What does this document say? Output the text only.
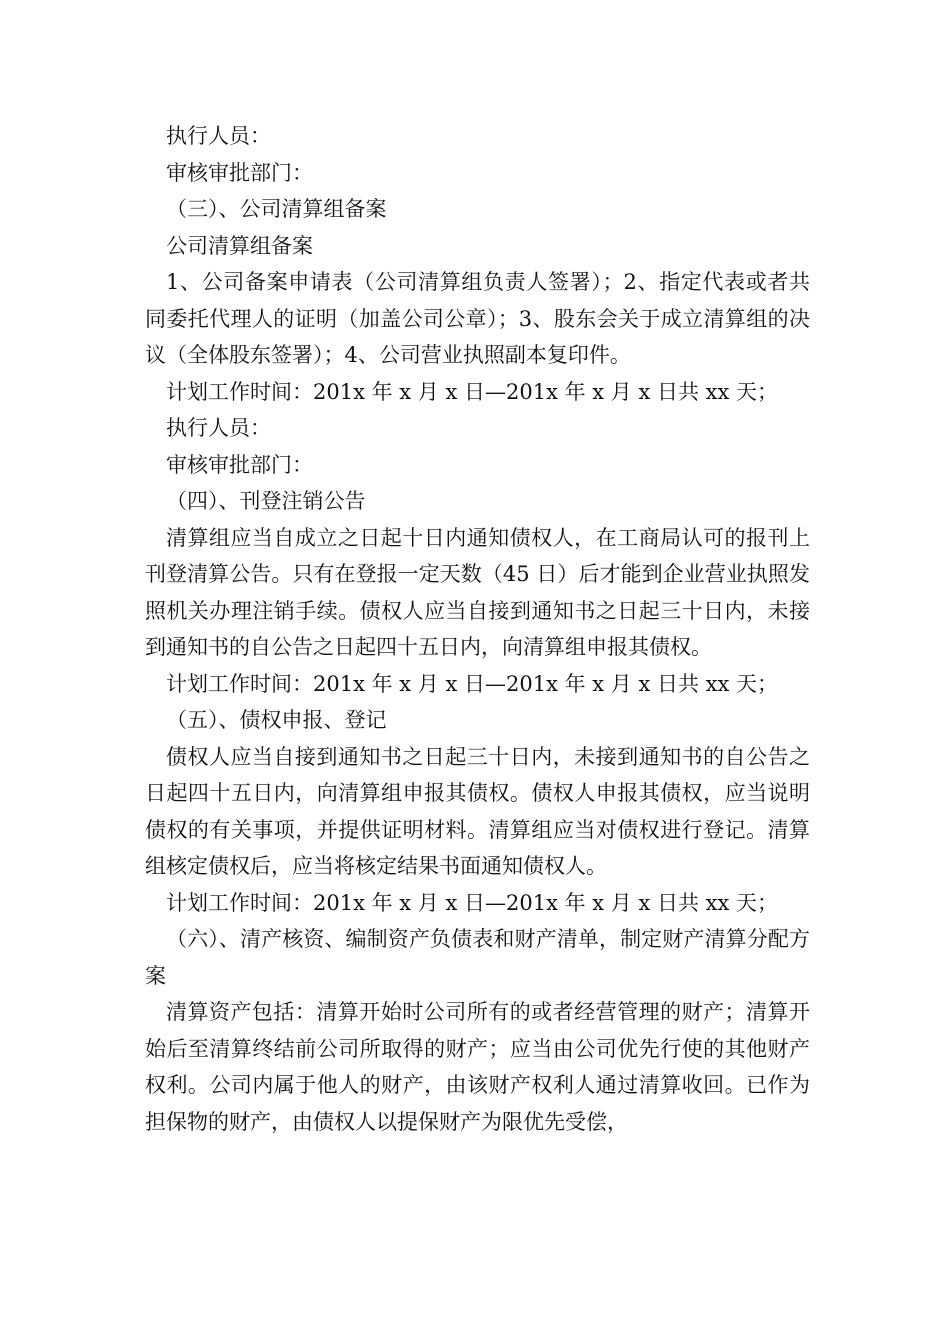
执行人员：

审核审批部门：

（三）、公司清算组备案

公司清算组备案

1、公司备案申请表（公司清算组负责人签署）；2、指定代表或者共同委托代理人的证明（加盖公司公章）；3、股东会关于成立清算组的决议（全体股东签署）；4、公司营业执照副本复印件。

计划工作时间：201x 年 x 月 x 日—201x 年 x 月 x 日共 xx 天；

执行人员：

审核审批部门：

（四）、刊登注销公告

清算组应当自成立之日起十日内通知债权人，在工商局认可的报刊上刊登清算公告。只有在登报一定天数（45 日）后才能到企业营业执照发照机关办理注销手续。债权人应当自接到通知书之日起三十日内，未接到通知书的自公告之日起四十五日内，向清算组申报其债权。

计划工作时间：201x 年 x 月 x 日—201x 年 x 月 x 日共 xx 天；

（五）、债权申报、登记

债权人应当自接到通知书之日起三十日内，未接到通知书的自公告之日起四十五日内，向清算组申报其债权。债权人申报其债权，应当说明债权的有关事项，并提供证明材料。清算组应当对债权进行登记。清算组核定债权后，应当将核定结果书面通知债权人。

计划工作时间：201x 年 x 月 x 日—201x 年 x 月 x 日共 xx 天；

（六）、清产核资、编制资产负债表和财产清单，制定财产清算分配方案

清算资产包括：清算开始时公司所有的或者经营管理的财产；清算开始后至清算终结前公司所取得的财产；应当由公司优先行使的其他财产权利。公司内属于他人的财产，由该财产权利人通过清算收回。已作为担保物的财产，由债权人以提保财产为限优先受偿，
